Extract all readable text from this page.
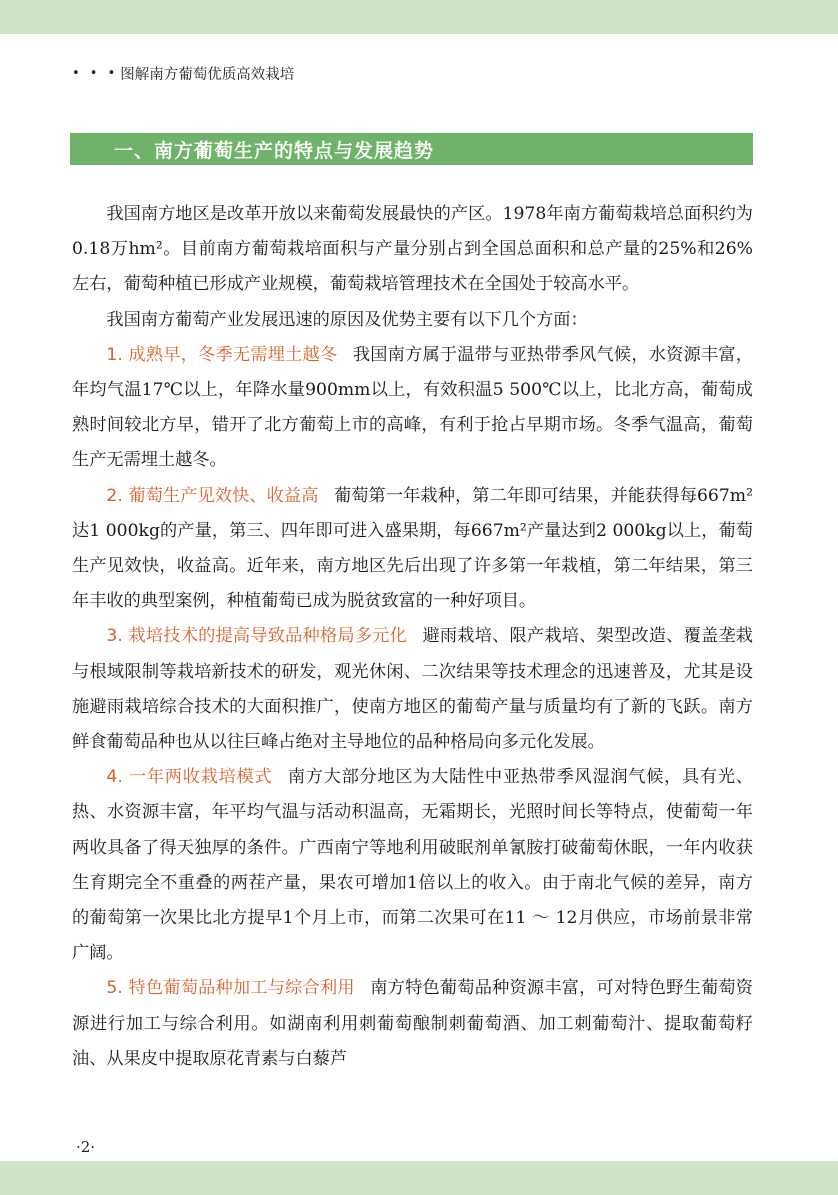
• • • 图解南方葡萄优质高效栽培
一、南方葡萄生产的特点与发展趋势

我国南方地区是改革开放以来葡萄发展最快的产区。1978年南方葡萄栽培总面积约为0.18万hm²。目前南方葡萄栽培面积与产量分别占到全国总面积和总产量的25%和26%左右，葡萄种植已形成产业规模，葡萄栽培管理技术在全国处于较高水平。

我国南方葡萄产业发展迅速的原因及优势主要有以下几个方面：

1. 成熟早，冬季无需埋土越冬 我国南方属于温带与亚热带季风气候，水资源丰富，年均气温17℃以上，年降水量900mm以上，有效积温5 500℃以上，比北方高，葡萄成熟时间较北方早，错开了北方葡萄上市的高峰，有利于抢占早期市场。冬季气温高，葡萄生产无需埋土越冬。

2. 葡萄生产见效快、收益高 葡萄第一年栽种，第二年即可结果，并能获得每667m²达1 000kg的产量，第三、四年即可进入盛果期，每667m²产量达到2 000kg以上，葡萄生产见效快，收益高。近年来，南方地区先后出现了许多第一年栽植，第二年结果，第三年丰收的典型案例，种植葡萄已成为脱贫致富的一种好项目。

3. 栽培技术的提高导致品种格局多元化 避雨栽培、限产栽培、架型改造、覆盖垄栽与根域限制等栽培新技术的研发，观光休闲、二次结果等技术理念的迅速普及，尤其是设施避雨栽培综合技术的大面积推广，使南方地区的葡萄产量与质量均有了新的飞跃。南方鲜食葡萄品种也从以往巨峰占绝对主导地位的品种格局向多元化发展。

4. 一年两收栽培模式 南方大部分地区为大陆性中亚热带季风湿润气候，具有光、热、水资源丰富，年平均气温与活动积温高，无霜期长，光照时间长等特点，使葡萄一年两收具备了得天独厚的条件。广西南宁等地利用破眠剂单氰胺打破葡萄休眠，一年内收获生育期完全不重叠的两茬产量，果农可增加1倍以上的收入。由于南北气候的差异，南方的葡萄第一次果比北方提早1个月上市，而第二次果可在11 ～ 12月供应，市场前景非常广阔。

5. 特色葡萄品种加工与综合利用 南方特色葡萄品种资源丰富，可对特色野生葡萄资源进行加工与综合利用。如湖南利用刺葡萄酿制刺葡萄酒、加工刺葡萄汁、提取葡萄籽油、从果皮中提取原花青素与白藜芦

·2·
